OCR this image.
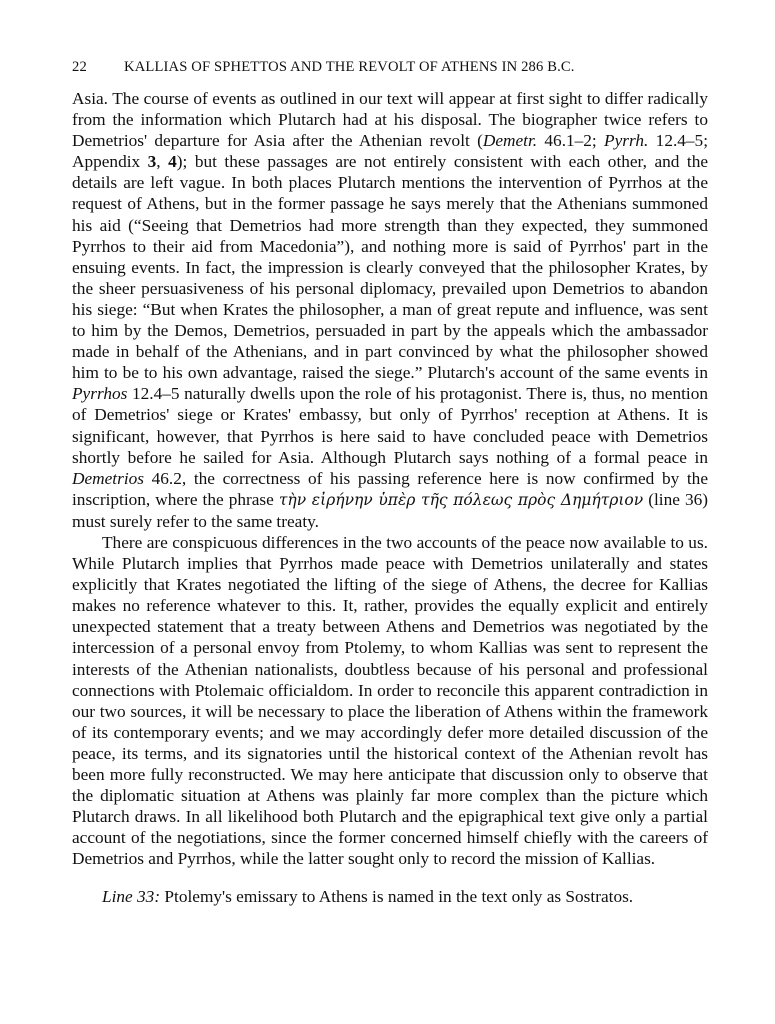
22	KALLIAS OF SPHETTOS AND THE REVOLT OF ATHENS IN 286 B.C.

Asia. The course of events as outlined in our text will appear at first sight to differ radically from the information which Plutarch had at his disposal. The biographer twice refers to Demetrios' departure for Asia after the Athenian revolt (Demetr. 46.1–2; Pyrrh. 12.4–5; Appendix 3, 4); but these passages are not entirely consistent with each other, and the details are left vague. In both places Plutarch mentions the intervention of Pyrrhos at the request of Athens, but in the former passage he says merely that the Athenians summoned his aid (“Seeing that Demetrios had more strength than they expected, they summoned Pyrrhos to their aid from Macedonia”), and nothing more is said of Pyrrhos' part in the ensuing events. In fact, the impression is clearly conveyed that the philosopher Krates, by the sheer persuasiveness of his personal diplomacy, prevailed upon Demetrios to abandon his siege: “But when Krates the philosopher, a man of great repute and influence, was sent to him by the Demos, Demetrios, persuaded in part by the appeals which the ambassador made in behalf of the Athenians, and in part convinced by what the philosopher showed him to be to his own advantage, raised the siege.” Plutarch's account of the same events in Pyrrhos 12.4–5 naturally dwells upon the role of his protagonist. There is, thus, no mention of Demetrios' siege or Krates' embassy, but only of Pyrrhos' reception at Athens. It is significant, however, that Pyrrhos is here said to have concluded peace with Demetrios shortly before he sailed for Asia. Although Plutarch says nothing of a formal peace in Demetrios 46.2, the correctness of his passing reference here is now confirmed by the inscription, where the phrase τὴν εἰρήνην ὑπὲρ τῆς πόλεως πρὸς Δημήτριον (line 36) must surely refer to the same treaty.

There are conspicuous differences in the two accounts of the peace now available to us. While Plutarch implies that Pyrrhos made peace with Demetrios unilaterally and states explicitly that Krates negotiated the lifting of the siege of Athens, the decree for Kallias makes no reference whatever to this. It, rather, provides the equally explicit and entirely unexpected statement that a treaty between Athens and Demetrios was negotiated by the intercession of a personal envoy from Ptolemy, to whom Kallias was sent to represent the interests of the Athenian nationalists, doubtless because of his personal and professional connections with Ptolemaic officialdom. In order to reconcile this apparent contradiction in our two sources, it will be necessary to place the liberation of Athens within the framework of its contemporary events; and we may accordingly defer more detailed discussion of the peace, its terms, and its signatories until the historical context of the Athenian revolt has been more fully reconstructed. We may here anticipate that discussion only to observe that the diplomatic situation at Athens was plainly far more complex than the picture which Plutarch draws. In all likelihood both Plutarch and the epigraphical text give only a partial account of the negotiations, since the former concerned himself chiefly with the careers of Demetrios and Pyrrhos, while the latter sought only to record the mission of Kallias.

Line 33: Ptolemy's emissary to Athens is named in the text only as Sostratos.
